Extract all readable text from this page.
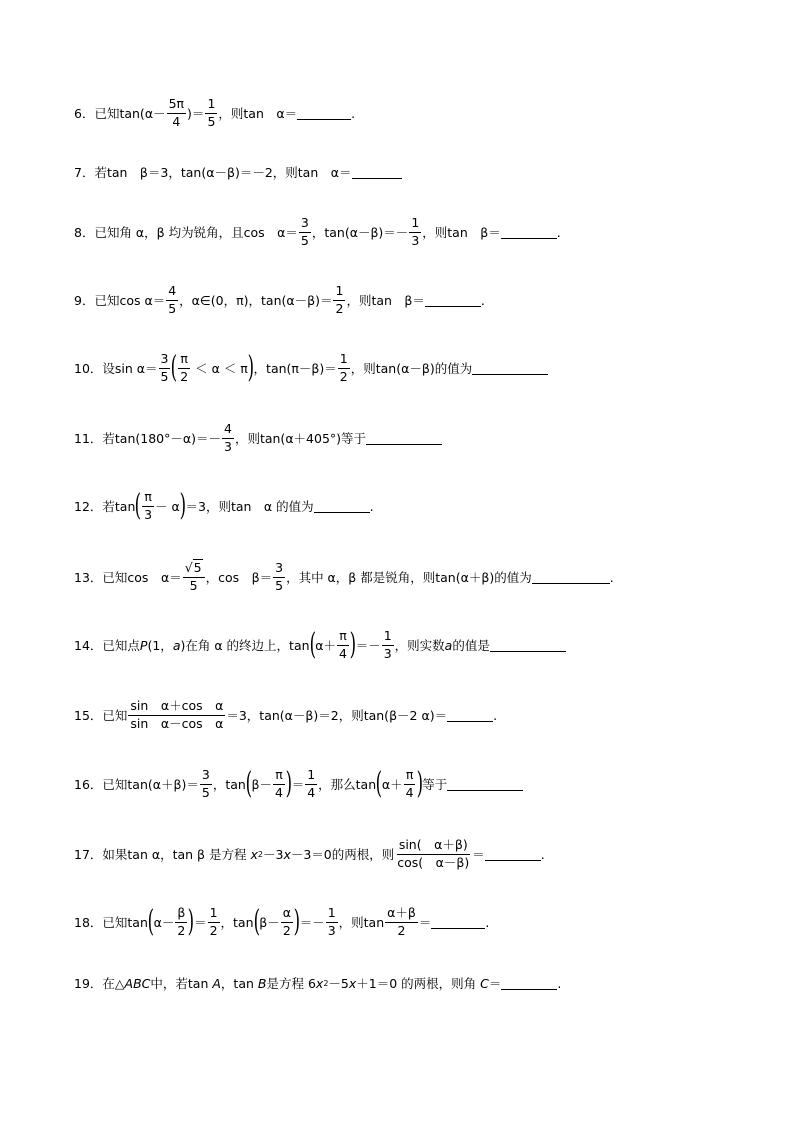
6． 已知$\tan(\alpha- \frac{5\pi}{4}$ )＝ $\frac{1}{5}$ ，则tan　α＝	.
7． 若tan　β＝3，tan(α－β)＝－2，则tan　α＝
8． 已知角 α，β 均为锐角，且cos　$\alpha= \frac{3}{5}$ ，$\tan(\alpha-\beta)=- \frac{1}{3}$ ，则tan　β＝	.
9． 已知$\cos \alpha= \frac{4}{5}$ ，α∈(0，π)，$\tan(\alpha-\beta)= \frac{1}{2}$ ，则tan　β＝	.
10． 设$\sin \alpha= \frac{3}{5}$ ( $\frac{\pi}{2} < \alpha < \pi$ ) ，$\tan(\pi-\beta)= \frac{1}{2}$ ，则tan(α－β)的值为
11． 若$\tan(180^\circ-\alpha)=- \frac{4}{3}$ ，则tan(α＋405°)等于
12． 若tan ( $\frac{\pi}{3} - \alpha$ ) ＝3，则tan　α 的值为	.
13． 已知cos　$\alpha= \frac{√5}{5}$ ，cos　$\beta= \frac{3}{5}$ ，其中 α，β 都是锐角，则tan(α＋β)的值为	.
14． 已知点 P (1， a )在角 α 的终边上，tan ( $\alpha+ \frac{\pi}{4}$ ) ＝－ $\frac{1}{3}$ ，则实数 a 的值是
15． 已知 $\frac{\text{sin　α＋cos　α}}{\text{sin　α－cos　α}} =3$，tan(α－β)＝2，则tan(β－2 α)＝	.
16． 已知$\tan(\alpha+\beta)= \frac{3}{5}$ ，tan ( $\beta- \frac{\pi}{4}$ ) ＝ $\frac{1}{4}$ ，那么tan ( $\alpha+ \frac{\pi}{4}$ ) 等于
17． 如果tan α，tan β 是方程 x 2 －3 x －3＝0的两根，则 $\frac{\sin( \alpha+\beta)}{\cos( \alpha-\beta)}$ ＝	.
18． 已知tan ( $\alpha- \frac{\beta}{2}$ ) ＝ $\frac{1}{2}$ ，tan ( $\beta- \frac{\alpha}{2}$ ) ＝－ $\frac{1}{3}$ ，则$\tan \frac{\alpha+\beta}{2}$ ＝	.
19． 在△ ABC 中，若tan A ，tan B 是方程 6 x 2 －5 x ＋1＝0 的两根，则角 C ＝	.
